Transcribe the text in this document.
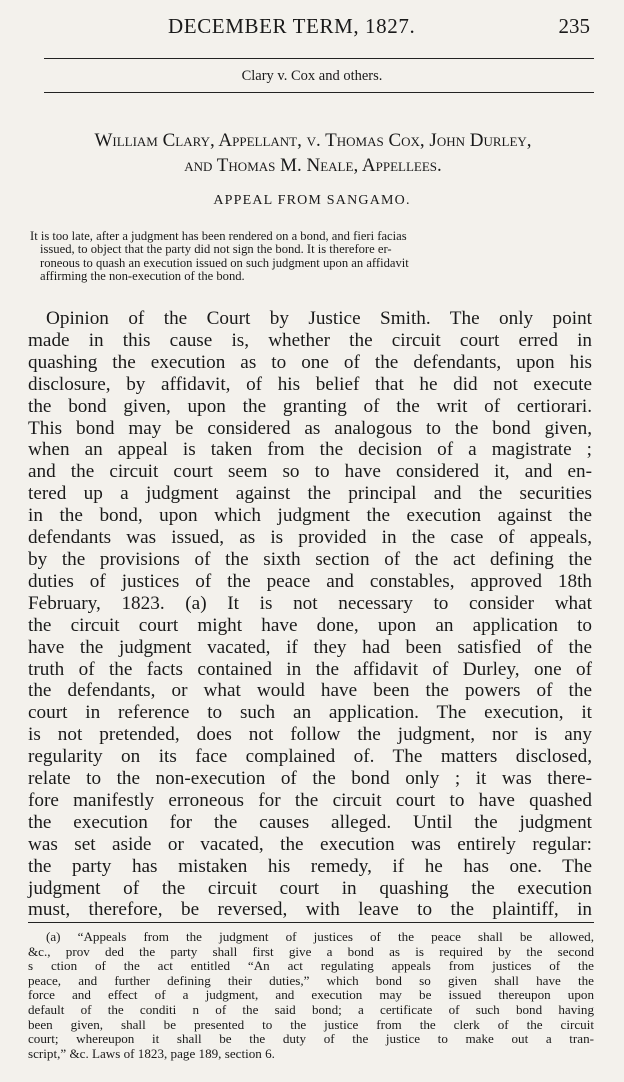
DECEMBER TERM, 1827.	235
Clary v. Cox and others.
William Clary, Appellant, v. Thomas Cox, John Durley,
and Thomas M. Neale, Appellees.
APPEAL FROM SANGAMO.
It is too late, after a judgment has been rendered on a bond, and fieri facias
issued, to object that the party did not sign the bond. It is therefore er-
roneous to quash an execution issued on such judgment upon an affidavit
affirming the non-execution of the bond.
Opinion of the Court by Justice Smith. The only point
made in this cause is, whether the circuit court erred in
quashing the execution as to one of the defendants, upon his
disclosure, by affidavit, of his belief that he did not execute
the bond given, upon the granting of the writ of certiorari.
This bond may be considered as analogous to the bond given,
when an appeal is taken from the decision of a magistrate ;
and the circuit court seem so to have considered it, and en-
tered up a judgment against the principal and the securities
in the bond, upon which judgment the execution against the
defendants was issued, as is provided in the case of appeals,
by the provisions of the sixth section of the act defining the
duties of justices of the peace and constables, approved 18th
February, 1823. (a) It is not necessary to consider what
the circuit court might have done, upon an application to
have the judgment vacated, if they had been satisfied of the
truth of the facts contained in the affidavit of Durley, one of
the defendants, or what would have been the powers of the
court in reference to such an application. The execution, it
is not pretended, does not follow the judgment, nor is any
regularity on its face complained of. The matters disclosed,
relate to the non-execution of the bond only ; it was there-
fore manifestly erroneous for the circuit court to have quashed
the execution for the causes alleged. Until the judgment
was set aside or vacated, the execution was entirely regular:
the party has mistaken his remedy, if he has one. The
judgment of the circuit court in quashing the execution
must, therefore, be reversed, with leave to the plaintiff, in
(a) “Appeals from the judgment of justices of the peace shall be allowed,
&c., prov ded the party shall first give a bond as is required by the second
s ction of the act entitled “An act regulating appeals from justices of the
peace, and further defining their duties,” which bond so given shall have the
force and effect of a judgment, and execution may be issued thereupon upon
default of the conditi n of the said bond; a certificate of such bond having
been given, shall be presented to the justice from the clerk of the circuit
court; whereupon it shall be the duty of the justice to make out a tran-
script,” &c. Laws of 1823, page 189, section 6.
